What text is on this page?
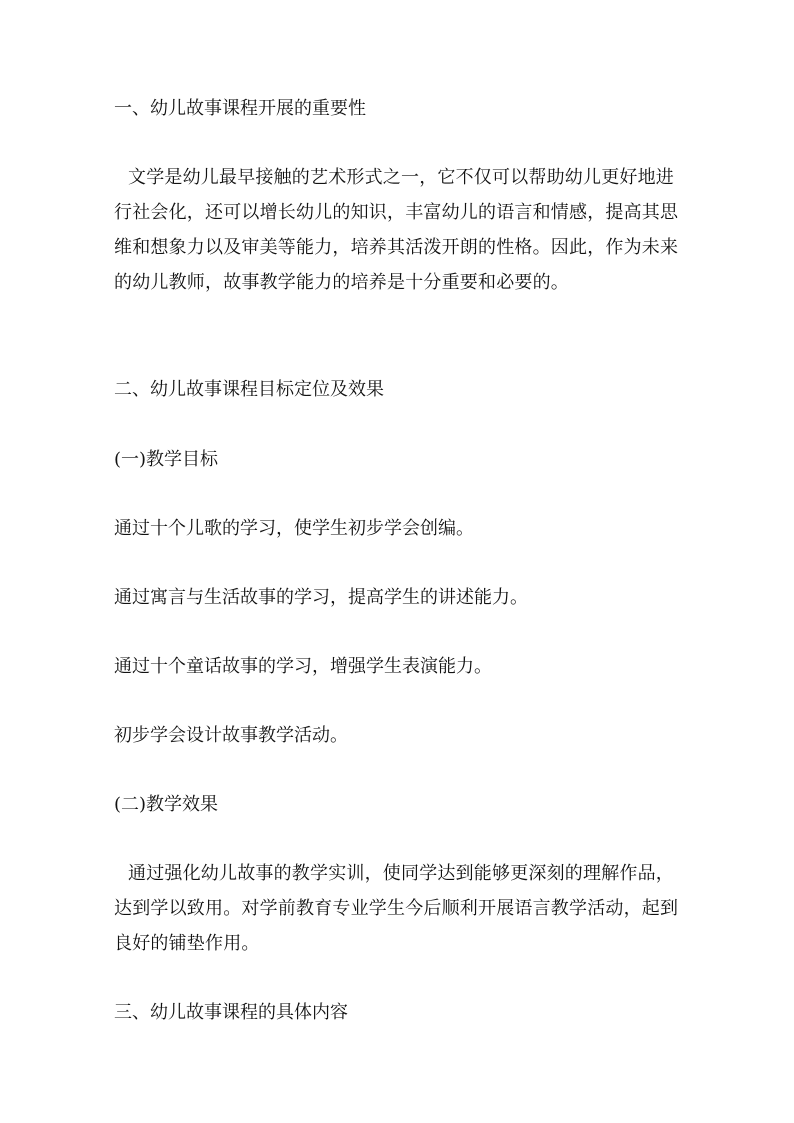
一、幼儿故事课程开展的重要性
文学是幼儿最早接触的艺术形式之一，它不仅可以帮助幼儿更好地进行社会化，还可以增长幼儿的知识，丰富幼儿的语言和情感，提高其思维和想象力以及审美等能力，培养其活泼开朗的性格。因此，作为未来的幼儿教师，故事教学能力的培养是十分重要和必要的。
二、幼儿故事课程目标定位及效果
(一)教学目标
通过十个儿歌的学习，使学生初步学会创编。
通过寓言与生活故事的学习，提高学生的讲述能力。
通过十个童话故事的学习，增强学生表演能力。
初步学会设计故事教学活动。
(二)教学效果
通过强化幼儿故事的教学实训，使同学达到能够更深刻的理解作品，达到学以致用。对学前教育专业学生今后顺利开展语言教学活动，起到良好的铺垫作用。
三、幼儿故事课程的具体内容
